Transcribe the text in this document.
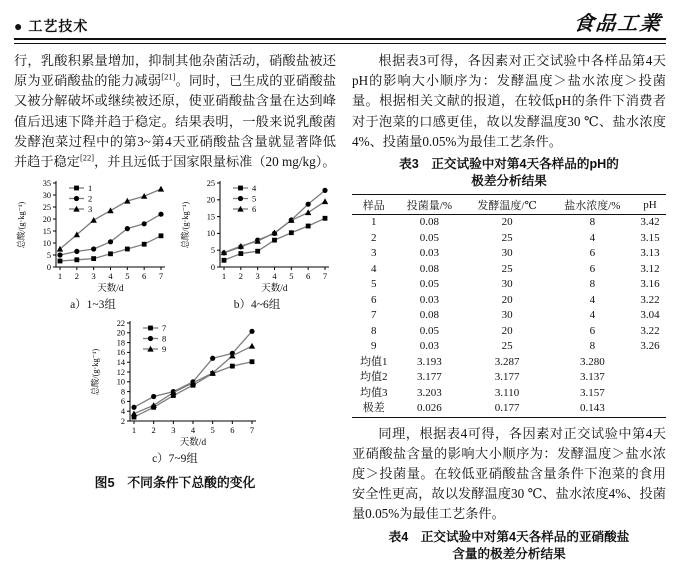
● 工艺技术	食品工業

行，乳酸积累量增加，抑制其他杂菌活动，硝酸盐被还原为亚硝酸盐的能力减弱[21]。同时，已生成的亚硝酸盐又被分解破坏或继续被还原，使亚硝酸盐含量在达到峰值后迅速下降并趋于稳定。结果表明，一般来说乳酸菌发酵泡菜过程中的第3~第4天亚硝酸盐含量就显著降低并趋于稳定[22]，并且远低于国家限量标准（20 mg/kg）。

0
5
10
15
20
25
30
35
1 2 3 4 5 6 7
总酸/(g·kg⁻¹)
天数/d
1
2
3
a）1~3组
0
5
10
15
20
25
1 2 3 4 5 6 7
总酸/(g·kg⁻¹)
天数/d
4
5
6
b）4~6组
2
4
6
8
10
12
14
16
18
20
22
1 2 3 4 5 6 7
总酸/(g·kg⁻¹)
天数/d
7
8
9
c）7~9组
图5　不同条件下总酸的变化

根据表3可得，各因素对正交试验中各样品第4天pH的影响大小顺序为：发酵温度＞盐水浓度＞投菌量。根据相关文献的报道，在较低pH的条件下消费者对于泡菜的口感更佳，故以发酵温度30 ℃、盐水浓度4%、投菌量0.05%为最佳工艺条件。

表3　正交试验中对第4天各样品的pH的
极差分析结果
样品	投菌量/%	发酵温度/℃	盐水浓度/%	pH
1	0.08	20	8	3.42
2	0.05	25	4	3.15
3	0.03	30	6	3.13
4	0.08	25	6	3.12
5	0.05	30	8	3.16
6	0.03	20	4	3.22
7	0.08	30	4	3.04
8	0.05	20	6	3.22
9	0.03	25	8	3.26
均值1	3.193	3.287	3.280	
均值2	3.177	3.177	3.137	
均值3	3.203	3.110	3.157	
极差	0.026	0.177	0.143	

同理，根据表4可得，各因素对正交试验中第4天亚硝酸盐含量的影响大小顺序为：发酵温度＞盐水浓度＞投菌量。在较低亚硝酸盐含量条件下泡菜的食用安全性更高，故以发酵温度30 ℃、盐水浓度4%、投菌量0.05%为最佳工艺条件。

表4　正交试验中对第4天各样品的亚硝酸盐
含量的极差分析结果
